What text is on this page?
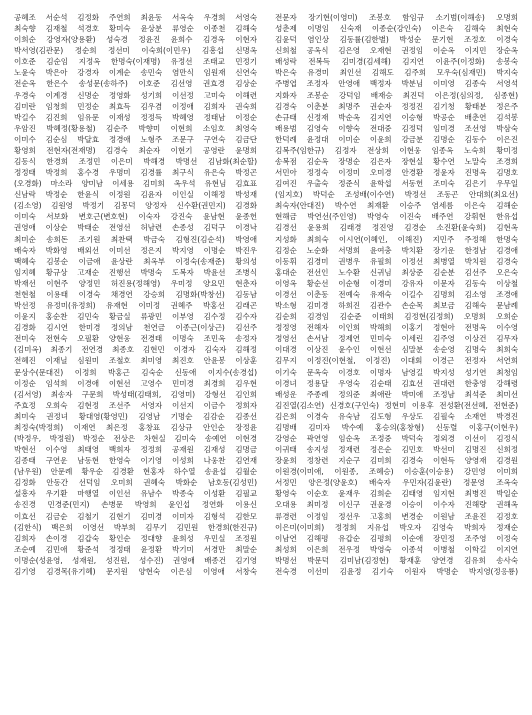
공혜조 서순석 김정화 주연희 최윤동 서옥숙 우경희 서영숙
최숙향 김재철 석경호 황미숙 윤상분 류영순 이종천 김해숙
이희순 강영자(양용환) 성숙경 정윤진 윤희수 김경옥 이현자
박서영(김관문) 정순희 정선미 이숙희(이민우) 김흥섭 신명옥
이호준 김순임 지정옥 한명숙(이재명) 유정선 조태교 민정기
노윤숙 박은아 강경자 이계순 송민숙 염만식 임원재 신연숙
전순옥 한은수 송성문(송하주) 이호준 김선영 권효경 김상순
우경숙 이계경 신명순 정영화 성기희 이선정 고미숙 이해련
김미란 임청희 민정순 최효득 김우겸 이정애 김희자 권숙희
박길수 김진희 임유문 이재성 정정득 박혜영 정태남 이정순
우암진 박혜정(황용철) 김순주 박향미 이현희 소임호 최영숙
이미수 김순심 박달효 정경애 노형주 조문구 구연숙 김금단
황영희 전현자(전재명) 김경숙 최순자 이현기 공영란 윤명희
김동식 한경희 조정민 이은미 박해경 박명선 김남화(최순할)
정정태 박정희 홍수경 우명미 김경률 최구식 유은숙 박정곤
(오경화) 마소라 양미남 이세용 김미희 옥우석 유현님 김효표
신남락 박정순 한윤식 이정원 김윤자 이인실 이해정 박성재
(김소영) 김원영 박정기 김몽덕 양정자 신수환(권민지) 김경화
이미숙 서보화 변호근(변호현) 이숙자 강진숙 윤남현 윤종헌
권영애 이상순 박태순 전영선 허남련 손종성 김덕구 이경낙
최미순 송희돈 조기원 최찬택 박금숙 김형진(김순석) 박영애
배숙자 박화영 배외선 이미선 정은지 박지영 이명순 박진우
백혜숙 김봉순 이금애 윤상란 최옥부 이정숙(송재준) 황의성
임지혜 황규상 고재순 진행선 박명숙 도복자 박윤선 조병식
박재선 이현주 양정민 허진용(정해영) 우미정 양요민 현춘자
천현철 이용태 이경숙 채경연 강승희 김명화(박창선) 김동남
박선정 유정미(유정희) 유재현 이미정 권혜주 박홍선 김래곤
이윤지 홍순찬 김민숙 황금실 류광민 이부영 김수정 김수자
김경화 김시연 한미경 정의남 천연금 이종근(이상근) 김선주
전미숙 전현숙 오필환 양현웅 전경태 이명숙 조민옥 송정자
(김미옥) 최종기 전연경 최종호 김현민 이경자 김숙자 김해정
전혜진 이재닐 심원미 조철호 최미영 최진호 안윤봉 이상훈
문상수(문대진) 이정희 박홍근 김숙순 신동애 이지수(송경섭)
이정순 임석희 이경애 이현선 고영수 민미경 최경희 김우현
(김서영) 최송자 구문희 박성태(김태희, 김영미) 강형선 김인희
주효정 오희숙 김현정 조선주 서영자 이선지 이금수 정희자
최미숙 권정녀 황대영(황영민) 김영남 기명순 김감순 김종선
최정숙(박정희) 이재연 최은정 홍창표 김상규 안인순 장정윤
(박정우, 박정원) 박정순 전상은 차현실 김미숙 송예연 이현경
박현선 이수영 최태영 백희자 정정희 공재원 김재성 김명금
김종태 구연운 남동현 한영숙 이기영 이성희 나웅찬 김연재
(남우원) 안문례 황우순 김경환 현홍자 하수열 송윤섭 김월순
김정화 안동간 선덕임 오미희 권혜숙 박화순 남호동(김성민)
설흥자 우기환 마행열 이인선 유남수 박종숙 이성환 김필교
송진경 민경준(민지) 손병문 박영희 윤인섭 정연화 이용신
이효선 김금순 김철기 김현기 김미경 이미자 김형석 김한모
(김한식) 백은희 이영선 박부희 김무기 김민원 한경희(한진규)
김희자 손이경 김갑숙 황인순 정대향 윤희성 우민실 조정원
조순예 김민애 황준석 정정태 윤정환 박기미 서경만 최말순
이명순(성윤영, 성재원, 성진원, 성수진) 권영애 배종건 김기영
김기영 김경목(유기혜) 문지원 양현숙 이은심 이영애 서창숙
전문자 장기현(이영미) 조봉호 함임규 소기범(이해송) 오명희
성춘제 이명임 신숙재 이종순(강인숙) 이은숙 김해숙 최현숙
김윤덕 염인상 김동률(김한별) 박성순 문기현 조정호 이경숙
신희철 공옥식 김은영 오재현 권정임 이순옥 이지민 장순옥
배성락 전복득 김미경(김세해) 김지연 이윤주(이정화) 송봉숙
박은숙 유경미 최인선 김해도 김주희 모우숙(심재민) 박지숙
주병엽 조정자 안영애 백정자 박분님 이미영 김종숙 서영석
지화자 조봉순 강덕임 배재승 최진덕 이은정(심의정, 심종현)
김경숙 이춘분 최명주 권순자 정정진 김기청 황태분 정은주
손규태 신정재 박순옥 김지연 이승형 박공순 배춘연 김석봉
배용범 김영숙 이향숙 전대중 김정덕 임미경 조선영 박삼숙
한덕례 윤정대 이미순 이윤희 강금분 김명순 김동수 이은진
김복주(임한규) 김정자 전상희 이현웅 임종옥 노숙희 황미정
송복점 김순옥 장명순 김은자 장현실 황수연 노말숙 조경희
서민아 정정숙 이정미 오미경 안경환 정윤자 진명옥 김명호
김여진 우출숙 정준식 윤학섭 서동헌 조미숙 김은기 우무일
(임지호) 박덕순 조성배(이수연) 박정선 조동곤 안대희(최요선)
최숙자(안대진) 박수연 최재환 이승주 염세름 이은숙 김해순
현해금 박연선(주인영) 박영숙 이진숙 배주연 강휘현 한유섭
김경선 윤용희 김래경 정진영 김경순 소진환(윤숙희) 김현옥
지성화 최희숙 이시연(이혜인, 이해진) 지민주 주정해 한명숙
김정순 노순화 서명희 윤여충 박치환 장기운 한정남 김경애
이동휘 김경미 권병우 유필희 이정선 최병열 박치원 김경숙
홍대순 전선인 노수환 신귀님 최상준 김순분 김선주 오은숙
이영옥 황순선 이순형 이경미 강유자 이문자 김동숙 이상철
이경선 이춘동 전예숙 유재숙 이길수 김명희 김소영 조경애
박소형 김미경 하희진 김관수 손순목 최보금 김해숙 문남례
김순희 김경임 김순준 이태희 김정현(김정희) 오명희 오희순
정정영 전해자 이인희 박해희 이홍기 정현아 전명옥 이수영
정영선 손서남 정제연 민미숙 이세린 김주영 이상건 김무자
이대경 이상진 윤수인 이현선 심말분 송순영 김명숙 최희숙
김무지 이정진(이현철, 이정진) 이대회 이경근 전정자 서연희
이기숙 문옥숙 이경호 이명자 남영길 박지성 성기연 최청임
이경녀 정용달 우영숙 김순태 김효선 권대련 한충영 강해령
배성운 주종례 정의준 최애란 박미애 조정남 최석준 최미선
김진열(김소연) 신경호(구인숙) 정현미 이용후 전성환(전선혜, 전현준)
김은희 이경숙 유숙남 김도형 우상도 김필숙 소재연 박경진
김명배 김미자 박수예 홍승의(홍창형) 신동렬 이홍구(이현우)
강영순 곽연영 임순옥 조정중 박덕숙 정외경 이선이 김정식
이귀태 송지성 정재련 정은순 김민호 박선미 김명진 신희정
장윤희 정창련 지순구 김미희 김경숙 이현득 양영재 김경원
이원경(이미애, 이원종, 조혜승) 이승훈(이승용) 강민영 이미희
서정민 양은정(양윤호) 배숙자 우민자(김윤란) 정문영 조옥숙
황영숙 이순호 윤재우 김희순 김태영 임지현 최병진 박일순
오대용 최미정 이신구 권윤경 이승이 이수자 진해량 권해옥
류경련 이정임 정선우 고홍희 변경순 이원남 조윤진 김정호
이은미(이미희) 정정희 지유섭 박오자 김영숙 박희자 정재순
이남연 김해평 유갑순 김평희 이순애 장민정 조주영 이정숙
최성희 이은희 전우정 박영숙 이종석 이병철 이학길 이지연
박명선 박문덕 김미남(김정현) 황재훈 양연경 김유희 송사숙
전숙경 이선미 김윤정 김기숙 이원자 박명순 박지영(정응룡)
